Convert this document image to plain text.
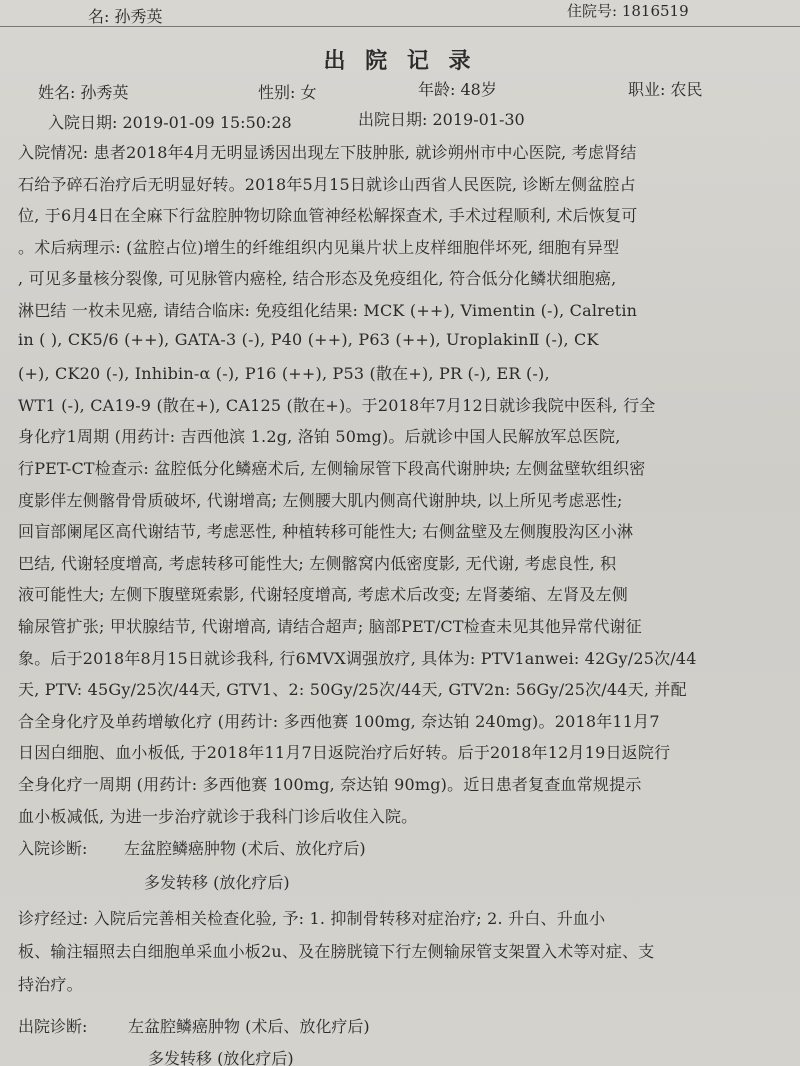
名: 孙秀英	住院号: 1816519
出 院 记 录
姓名: 孙秀英	性别: 女	年龄: 48岁	职业: 农民
入院日期: 2019-01-09 15:50:28	出院日期: 2019-01-30
入院情况: 患者2018年4月无明显诱因出现左下肢肿胀, 就诊朔州市中心医院, 考虑肾结
石给予碎石治疗后无明显好转。2018年5月15日就诊山西省人民医院, 诊断左侧盆腔占
位, 于6月4日在全麻下行盆腔肿物切除血管神经松解探查术, 手术过程顺利, 术后恢复可
。术后病理示: (盆腔占位)增生的纤维组织内见巢片状上皮样细胞伴坏死, 细胞有异型
, 可见多量核分裂像, 可见脉管内癌栓, 结合形态及免疫组化, 符合低分化鳞状细胞癌,
淋巴结 一枚未见癌, 请结合临床: 免疫组化结果: MCK (++), Vimentin (-), Calretin
in ( ), CK5/6 (++), GATA-3 (-), P40 (++), P63 (++), UroplakinⅡ (-), CK
(+), CK20 (-), Inhibin-α (-), P16 (++), P53 (散在+), PR (-), ER (-),
WT1 (-), CA19-9 (散在+), CA125 (散在+)。于2018年7月12日就诊我院中医科, 行全
身化疗1周期 (用药计: 吉西他滨 1.2g, 洛铂 50mg)。后就诊中国人民解放军总医院,
行PET-CT检查示: 盆腔低分化鳞癌术后, 左侧输尿管下段高代谢肿块; 左侧盆壁软组织密
度影伴左侧髂骨骨质破坏, 代谢增高; 左侧腰大肌内侧高代谢肿块, 以上所见考虑恶性;
回盲部阑尾区高代谢结节, 考虑恶性, 种植转移可能性大; 右侧盆壁及左侧腹股沟区小淋
巴结, 代谢轻度增高, 考虑转移可能性大; 左侧髂窝内低密度影, 无代谢, 考虑良性, 积
液可能性大; 左侧下腹壁斑索影, 代谢轻度增高, 考虑术后改变; 左肾萎缩、左肾及左侧
输尿管扩张; 甲状腺结节, 代谢增高, 请结合超声; 脑部PET/CT检查未见其他异常代谢征
象。后于2018年8月15日就诊我科, 行6MVX调强放疗, 具体为: PTV1anwei: 42Gy/25次/44
天, PTV: 45Gy/25次/44天, GTV1、2: 50Gy/25次/44天, GTV2n: 56Gy/25次/44天, 并配
合全身化疗及单药增敏化疗 (用药计: 多西他赛 100mg, 奈达铂 240mg)。2018年11月7
日因白细胞、血小板低, 于2018年11月7日返院治疗后好转。后于2018年12月19日返院行
全身化疗一周期 (用药计: 多西他赛 100mg, 奈达铂 90mg)。近日患者复查血常规提示
血小板减低, 为进一步治疗就诊于我科门诊后收住入院。
入院诊断: 左盆腔鳞癌肿物 (术后、放化疗后)
多发转移 (放化疗后)
诊疗经过: 入院后完善相关检查化验, 予: 1. 抑制骨转移对症治疗; 2. 升白、升血小
板、输注辐照去白细胞单采血小板2u、及在膀胱镜下行左侧输尿管支架置入术等对症、支
持治疗。
出院诊断:	左盆腔鳞癌肿物 (术后、放化疗后)
多发转移 (放化疗后)
